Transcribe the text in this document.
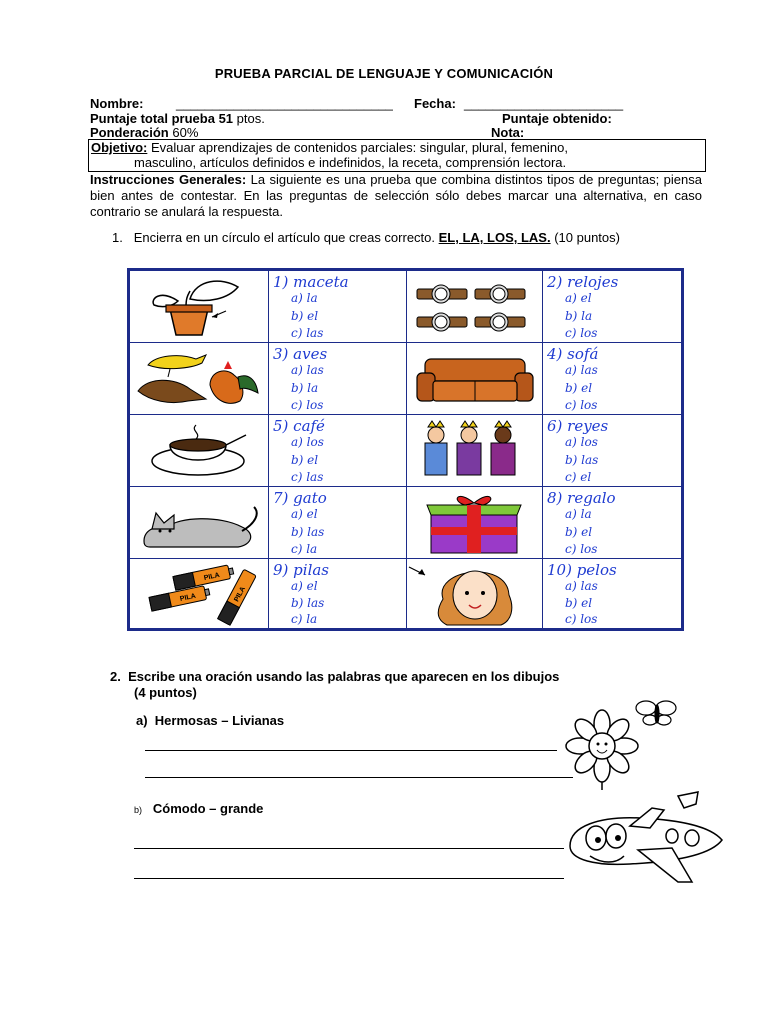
PRUEBA PARCIAL DE LENGUAJE Y COMUNICACIÓN
Nombre:	______________________________ Fecha: ______________________
Puntaje total prueba 51 ptos.	Puntaje obtenido:
Ponderación 60%	Nota:
Objetivo: Evaluar aprendizajes de contenidos parciales: singular, plural, femenino,
masculino, artículos definidos e indefinidos, la receta, comprensión lectora.
Instrucciones Generales: La siguiente es una prueba que combina distintos tipos de preguntas; piensa bien antes de contestar. En las preguntas de selección sólo debes marcar una alternativa, en caso contrario se anulará la respuesta.
1. Encierra en un círculo el artículo que creas correcto. EL, LA, LOS, LAS. (10 puntos)
1) maceta
a) la
b) el
c) las
2) relojes
a) el
b) la
c) los
3) aves
a) las
b) la
c) los
4) sofá
a) las
b) el
c) los
5) café
a) los
b) el
c) las
6) reyes
a) los
b) las
c) el
7) gato
a) el
b) las
c) la
8) regalo
a) la
b) el
c) los
PILA
PILA	PILA
9) pilas
a) el
b) las
c) la
10) pelos
a) las
b) el
c) los
2. Escribe una oración usando las palabras que aparecen en los dibujos
(4 puntos)
a) Hermosas – Livianas
b) Cómodo – grande
